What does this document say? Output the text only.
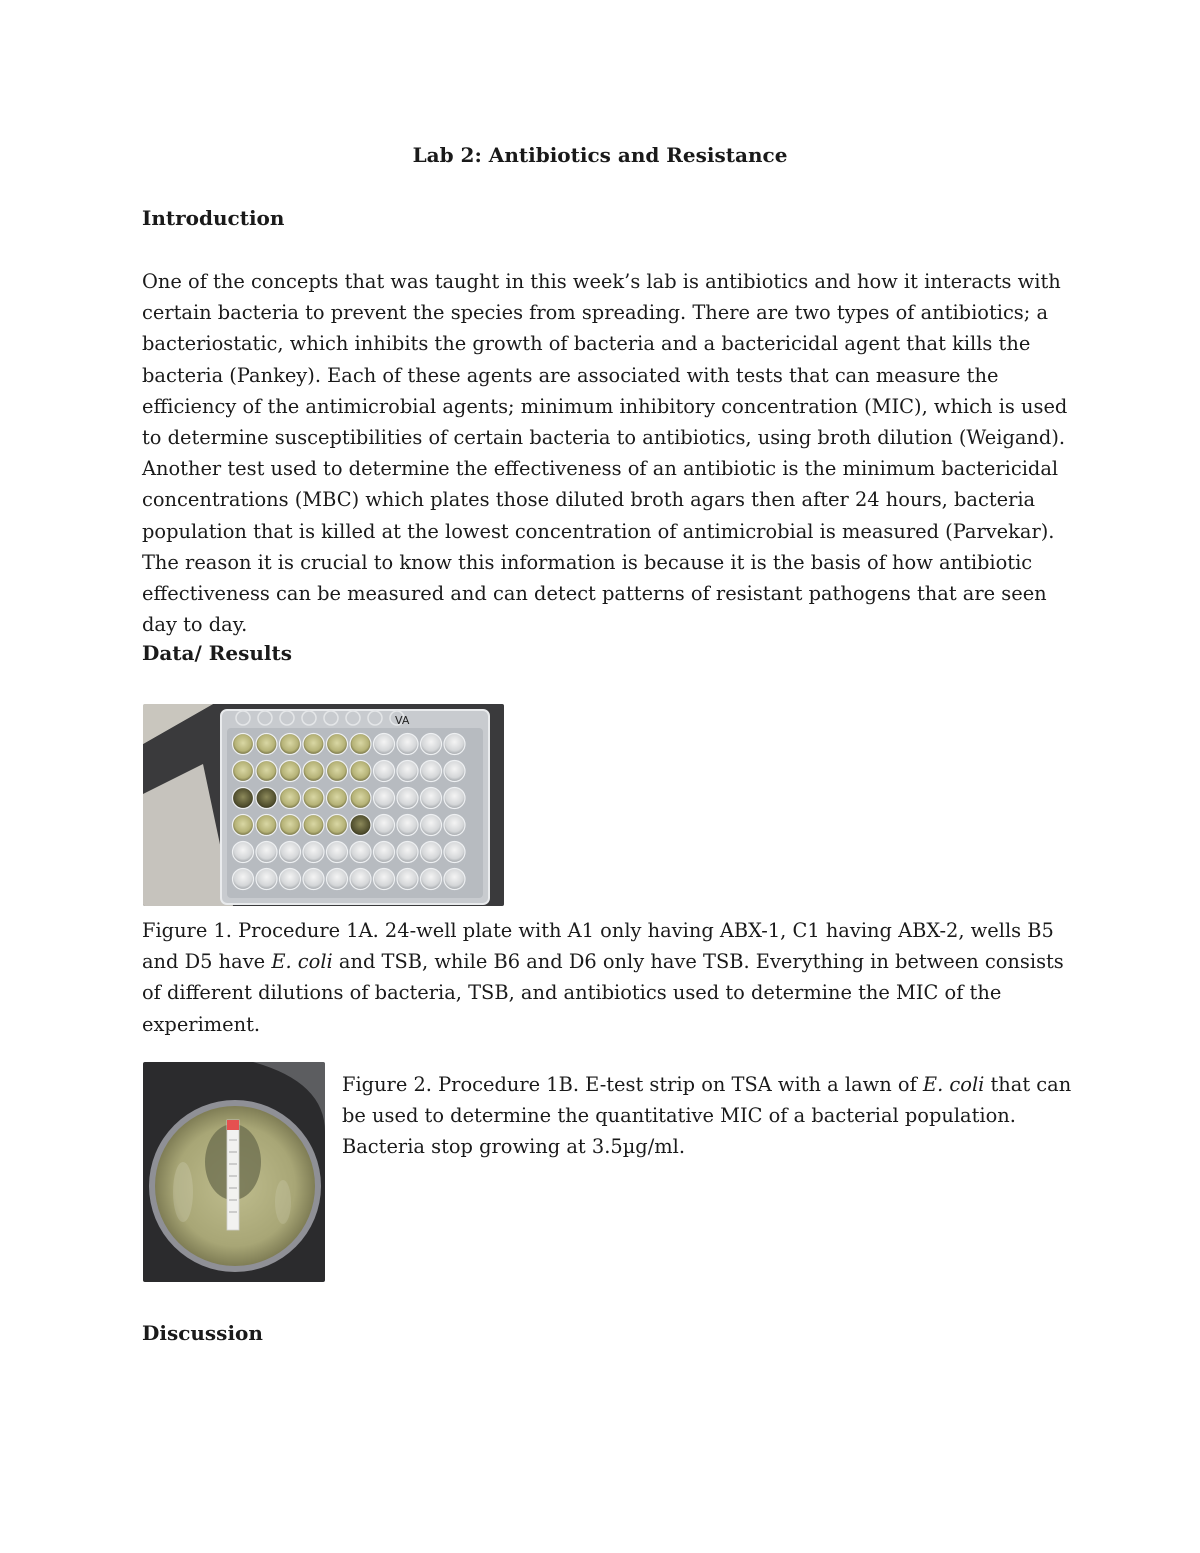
Lab 2: Antibiotics and Resistance
Introduction

One of the concepts that was taught in this week’s lab is antibiotics and how it interacts with certain bacteria to prevent the species from spreading. There are two types of antibiotics; a bacteriostatic, which inhibits the growth of bacteria and a bactericidal agent that kills the bacteria (Pankey). Each of these agents are associated with tests that can measure the efficiency of the antimicrobial agents; minimum inhibitory concentration (MIC), which is used to determine susceptibilities of certain bacteria to antibiotics, using broth dilution (Weigand). Another test used to determine the effectiveness of an antibiotic is the minimum bactericidal concentrations (MBC) which plates those diluted broth agars then after 24 hours, bacteria population that is killed at the lowest concentration of antimicrobial is measured (Parvekar). The reason it is crucial to know this information is because it is the basis of how antibiotic effectiveness can be measured and can detect patterns of resistant pathogens that are seen day to day.

Data/ Results
VA

Figure 1. Procedure 1A. 24-well plate with A1 only having ABX-1, C1 having ABX-2, wells B5 and D5 have E. coli and TSB, while B6 and D6 only have TSB. Everything in between consists of different dilutions of bacteria, TSB, and antibiotics used to determine the MIC of the experiment.

Figure 2. Procedure 1B. E-test strip on TSA with a lawn of E. coli that can be used to determine the quantitative MIC of a bacterial population. Bacteria stop growing at 3.5µg/ml.

Discussion
